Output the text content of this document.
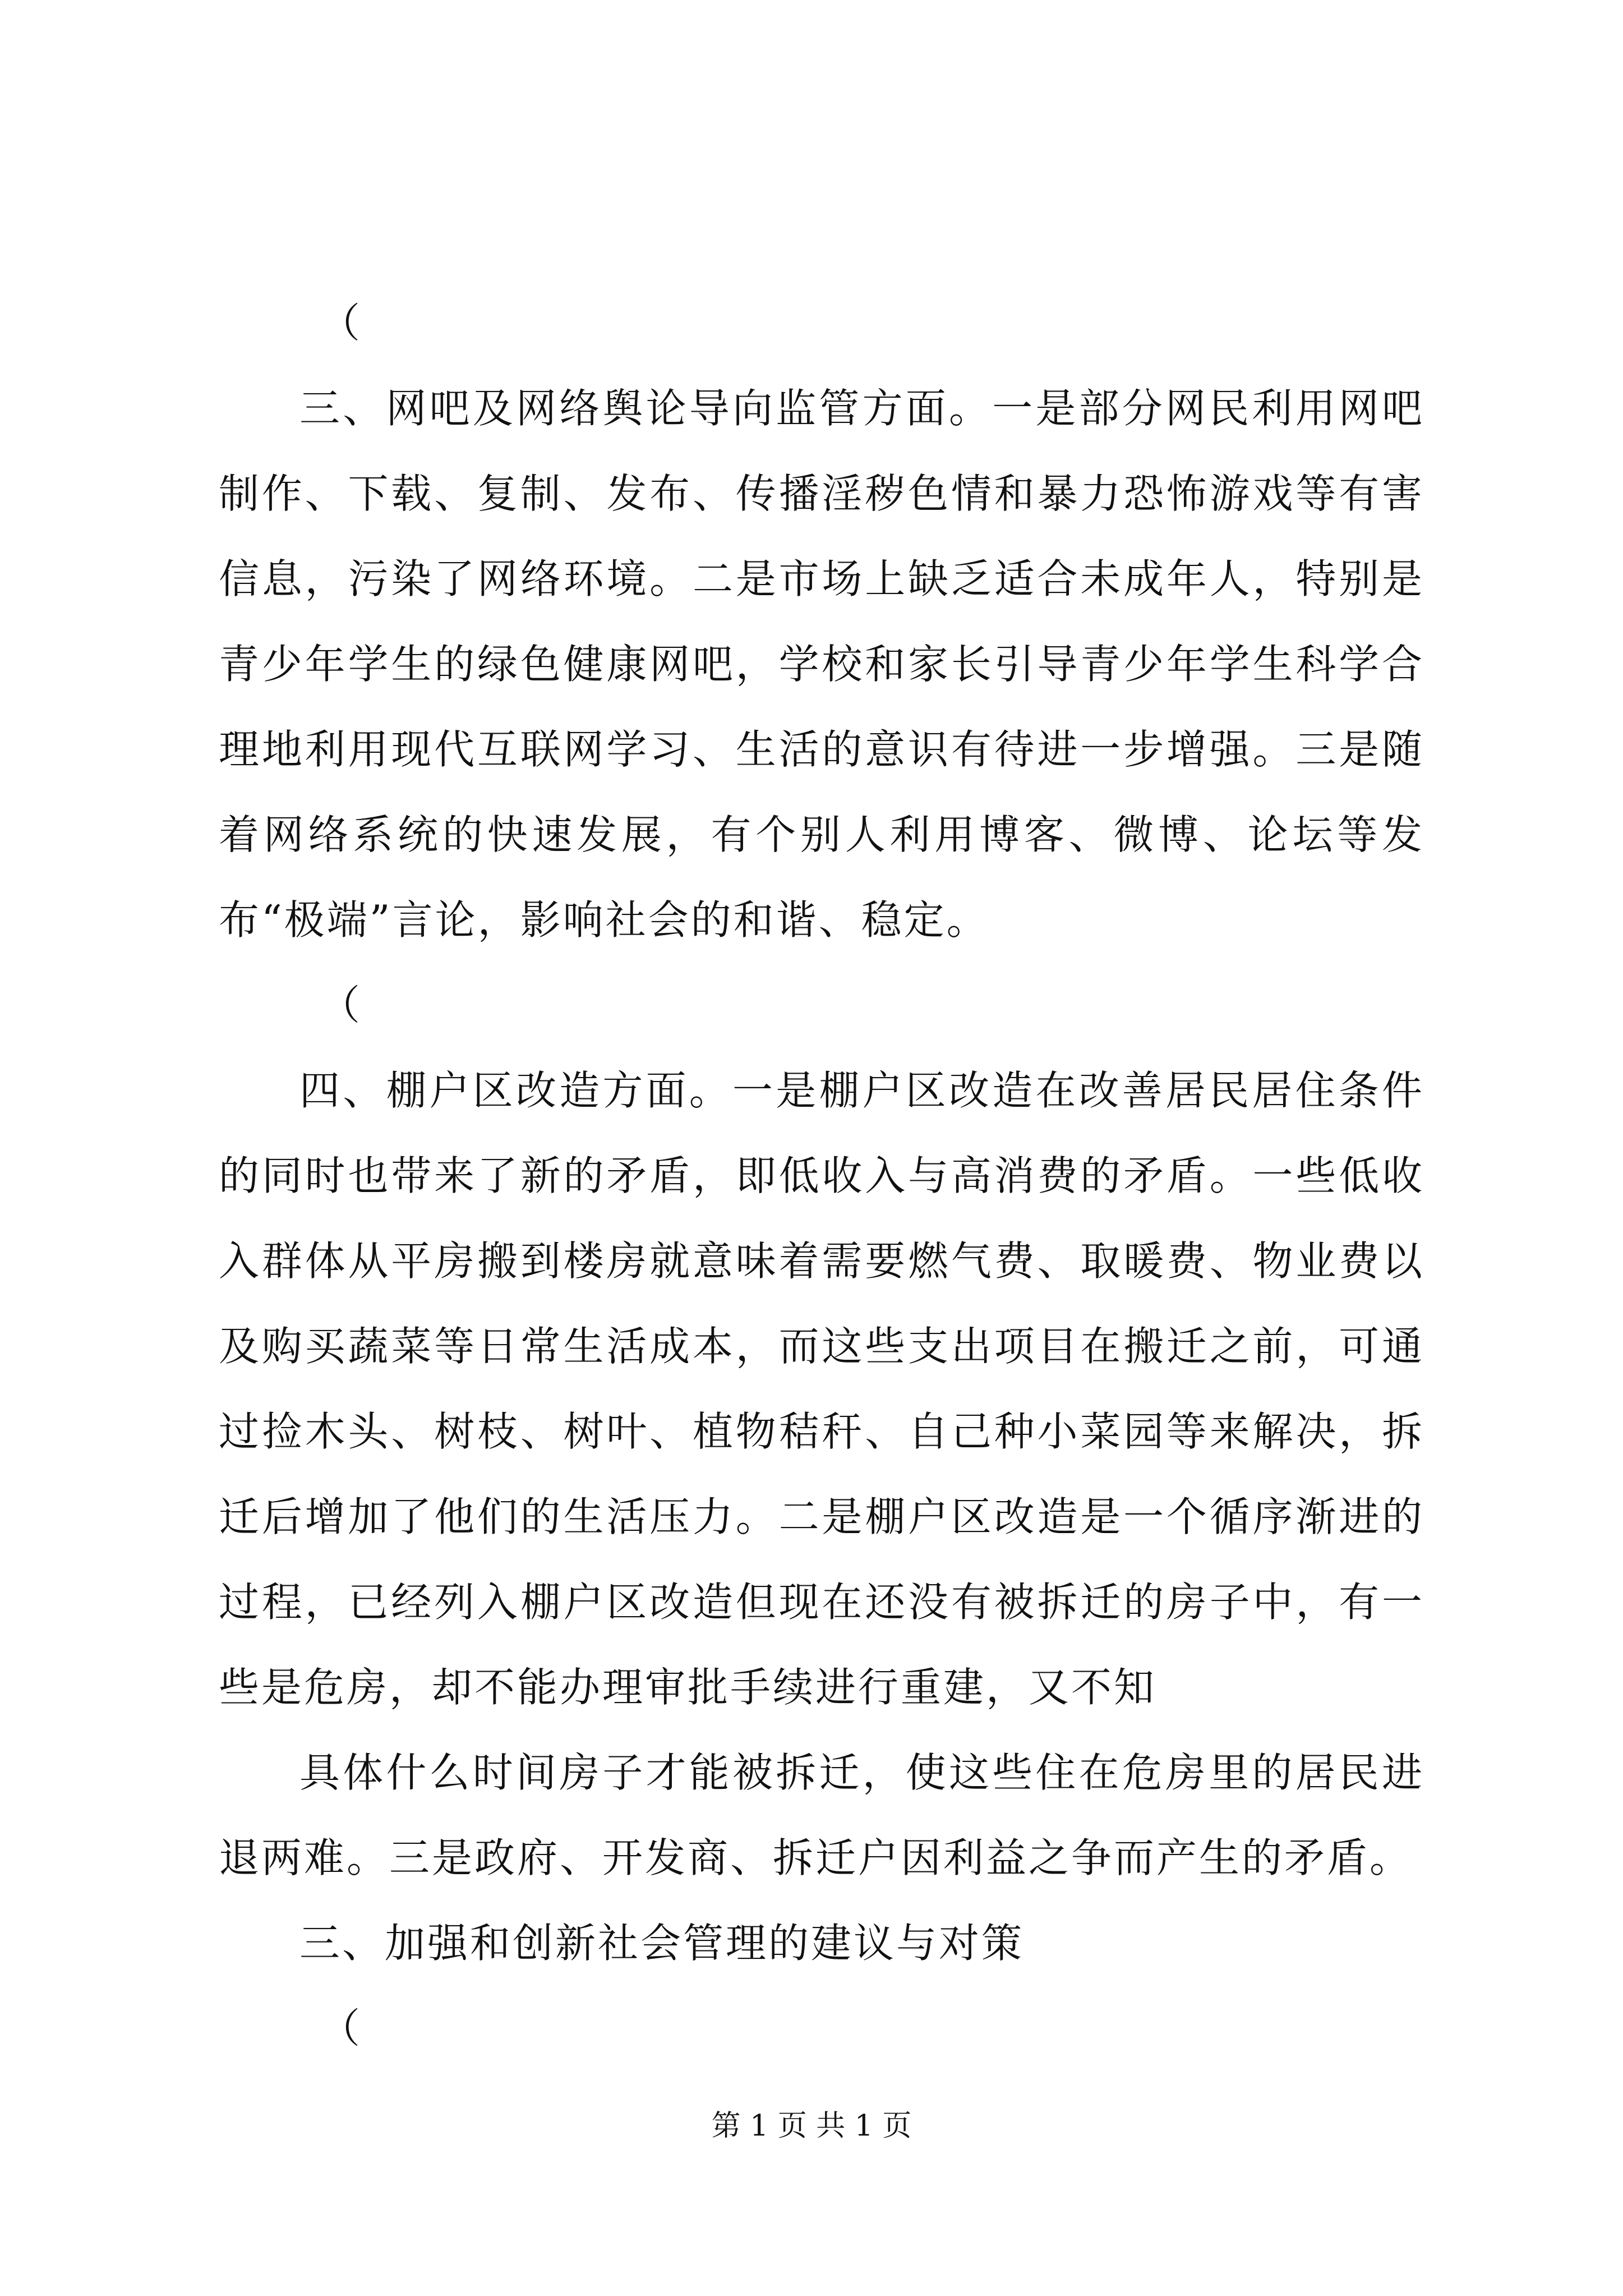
（

三、网吧及网络舆论导向监管方面。一是部分网民利用网吧制作、下载、复制、发布、传播淫秽色情和暴力恐怖游戏等有害信息，污染了网络环境。二是市场上缺乏适合未成年人，特别是青少年学生的绿色健康网吧，学校和家长引导青少年学生科学合理地利用现代互联网学习、生活的意识有待进一步增强。三是随着网络系统的快速发展，有个别人利用博客、微博、论坛等发布“极端”言论，影响社会的和谐、稳定。

（

四、棚户区改造方面。一是棚户区改造在改善居民居住条件的同时也带来了新的矛盾，即低收入与高消费的矛盾。一些低收入群体从平房搬到楼房就意味着需要燃气费、取暖费、物业费以及购买蔬菜等日常生活成本，而这些支出项目在搬迁之前，可通过捡木头、树枝、树叶、植物秸秆、自己种小菜园等来解决，拆迁后增加了他们的生活压力。二是棚户区改造是一个循序渐进的过程，已经列入棚户区改造但现在还没有被拆迁的房子中，有一些是危房，却不能办理审批手续进行重建，又不知

具体什么时间房子才能被拆迁，使这些住在危房里的居民进退两难。三是政府、开发商、拆迁户因利益之争而产生的矛盾。

三、加强和创新社会管理的建议与对策

（

第 1 页 共 1 页
